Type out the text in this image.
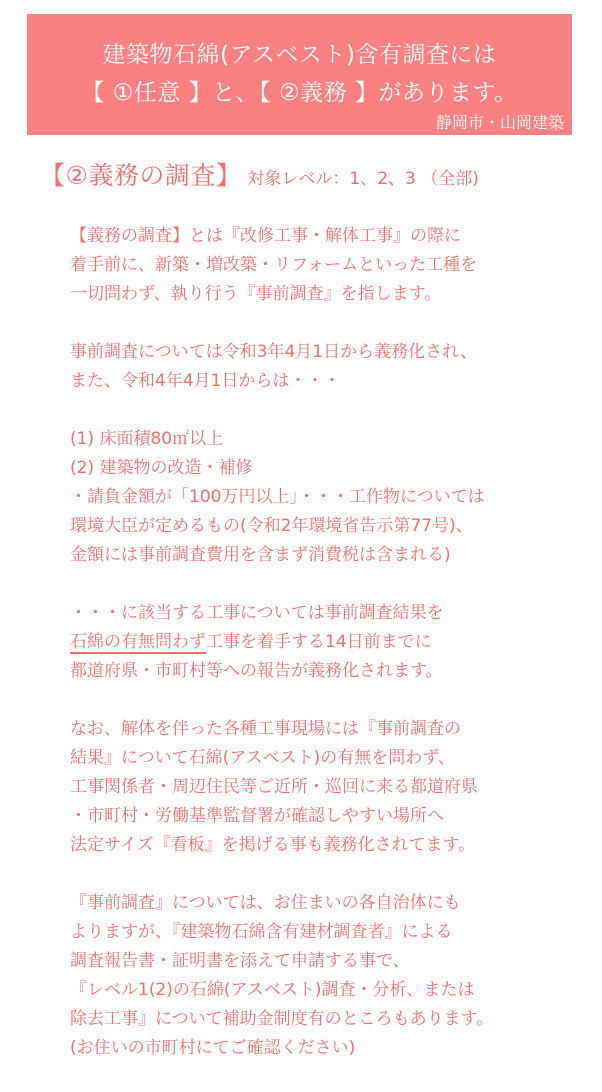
建築物石綿(アスベスト)含有調査には
【 ①任意 】と、【 ②義務 】があります。
静岡市・山岡建築
【②義務の調査】 対象レベル：1、2、3 （全部)
【義務の調査】とは『改修工事・解体工事』の際に
着手前に、新築・増改築・リフォームといった工種を
一切問わず、執り行う『事前調査』を指します。
事前調査については令和3年4月1日から義務化され、
また、令和4年4月1日からは・・・
(1) 床面積80㎡以上
(2) 建築物の改造・補修
・請負金額が「100万円以上」・・・工作物については
環境大臣が定めるもの(令和2年環境省告示第77号)、
金額には事前調査費用を含まず消費税は含まれる)
・・・に該当する工事については事前調査結果を
石綿の有無問わず工事を着手する14日前までに
都道府県・市町村等への報告が義務化されます。
なお、解体を伴った各種工事現場には『事前調査の
結果』について石綿(アスベスト)の有無を問わず、
工事関係者・周辺住民等ご近所・巡回に来る都道府県
・市町村・労働基準監督署が確認しやすい場所へ
法定サイズ『看板』を掲げる事も義務化されてます。
『事前調査』については、お住まいの各自治体にも
よりますが、『建築物石綿含有建材調査者』による
調査報告書・証明書を添えて申請する事で、
『レベル1(2)の石綿(アスベスト)調査・分析、または
除去工事』について補助金制度有のところもあります。
(お住いの市町村にてご確認ください)
